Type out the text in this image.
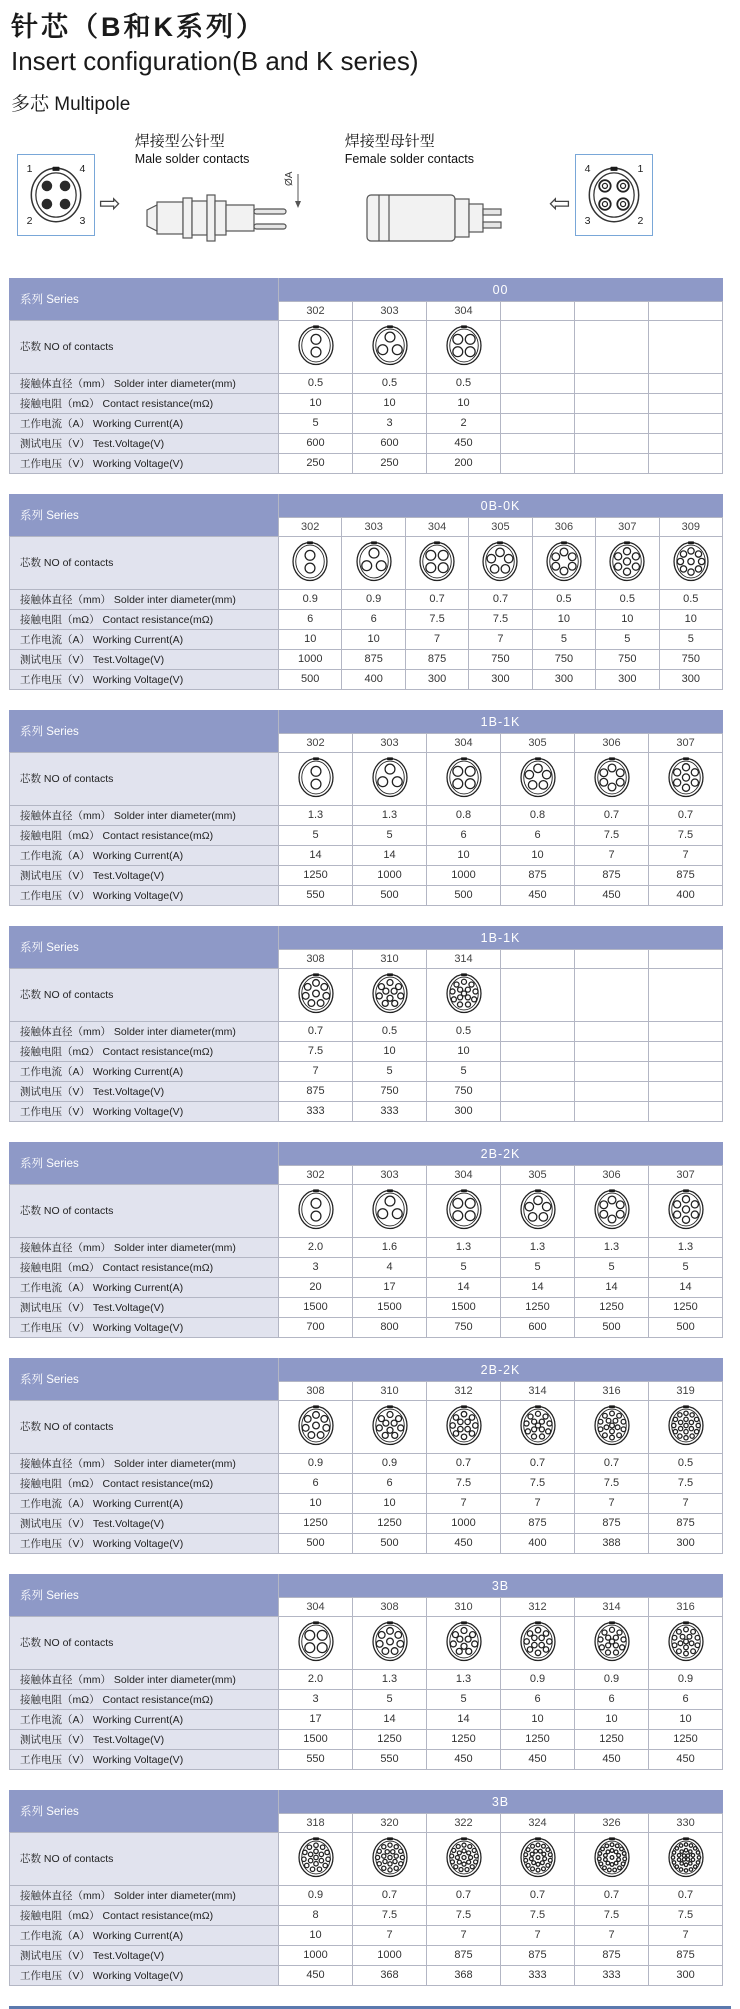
针芯（B和K系列）
Insert configuration(B and K series)
多芯 Multipole
⇨
焊接型公针型
Male solder contacts
ØA
焊接型母针型
Female solder contacts
⇦
系列 Series	00					
	302	303	304			
芯数 NO of contacts						
接触体直径（mm） Solder inter diameter(mm)	0.5	0.5	0.5			
接触电阻（mΩ） Contact resistance(mΩ)	10	10	10			
工作电流（A） Working Current(A)	5	3	2			
测试电压（V） Test.Voltage(V)	600	600	450			
工作电压（V） Working Voltage(V)	250	250	200			
系列 Series	0B-0K						
	302	303	304	305	306	307	309
芯数 NO of contacts							
接触体直径（mm） Solder inter diameter(mm)	0.9	0.9	0.7	0.7	0.5	0.5	0.5
接触电阻（mΩ） Contact resistance(mΩ)	6	6	7.5	7.5	10	10	10
工作电流（A） Working Current(A)	10	10	7	7	5	5	5
测试电压（V） Test.Voltage(V)	1000	875	875	750	750	750	750
工作电压（V） Working Voltage(V)	500	400	300	300	300	300	300
系列 Series	1B-1K					
	302	303	304	305	306	307
芯数 NO of contacts						
接触体直径（mm） Solder inter diameter(mm)	1.3	1.3	0.8	0.8	0.7	0.7
接触电阻（mΩ） Contact resistance(mΩ)	5	5	6	6	7.5	7.5
工作电流（A） Working Current(A)	14	14	10	10	7	7
测试电压（V） Test.Voltage(V)	1250	1000	1000	875	875	875
工作电压（V） Working Voltage(V)	550	500	500	450	450	400
系列 Series	1B-1K					
	308	310	314			
芯数 NO of contacts						
接触体直径（mm） Solder inter diameter(mm)	0.7	0.5	0.5			
接触电阻（mΩ） Contact resistance(mΩ)	7.5	10	10			
工作电流（A） Working Current(A)	7	5	5			
测试电压（V） Test.Voltage(V)	875	750	750			
工作电压（V） Working Voltage(V)	333	333	300			
系列 Series	2B-2K					
	302	303	304	305	306	307
芯数 NO of contacts						
接触体直径（mm） Solder inter diameter(mm)	2.0	1.6	1.3	1.3	1.3	1.3
接触电阻（mΩ） Contact resistance(mΩ)	3	4	5	5	5	5
工作电流（A） Working Current(A)	20	17	14	14	14	14
测试电压（V） Test.Voltage(V)	1500	1500	1500	1250	1250	1250
工作电压（V） Working Voltage(V)	700	800	750	600	500	500
系列 Series	2B-2K					
	308	310	312	314	316	319
芯数 NO of contacts						
接触体直径（mm） Solder inter diameter(mm)	0.9	0.9	0.7	0.7	0.7	0.5
接触电阻（mΩ） Contact resistance(mΩ)	6	6	7.5	7.5	7.5	7.5
工作电流（A） Working Current(A)	10	10	7	7	7	7
测试电压（V） Test.Voltage(V)	1250	1250	1000	875	875	875
工作电压（V） Working Voltage(V)	500	500	450	400	388	300
系列 Series	3B					
	304	308	310	312	314	316
芯数 NO of contacts						
接触体直径（mm） Solder inter diameter(mm)	2.0	1.3	1.3	0.9	0.9	0.9
接触电阻（mΩ） Contact resistance(mΩ)	3	5	5	6	6	6
工作电流（A） Working Current(A)	17	14	14	10	10	10
测试电压（V） Test.Voltage(V)	1500	1250	1250	1250	1250	1250
工作电压（V） Working Voltage(V)	550	550	450	450	450	450
系列 Series	3B					
	318	320	322	324	326	330
芯数 NO of contacts						
接触体直径（mm） Solder inter diameter(mm)	0.9	0.7	0.7	0.7	0.7	0.7
接触电阻（mΩ） Contact resistance(mΩ)	8	7.5	7.5	7.5	7.5	7.5
工作电流（A） Working Current(A)	10	7	7	7	7	7
测试电压（V） Test.Voltage(V)	1000	1000	875	875	875	875
工作电压（V） Working Voltage(V)	450	368	368	333	333	300
